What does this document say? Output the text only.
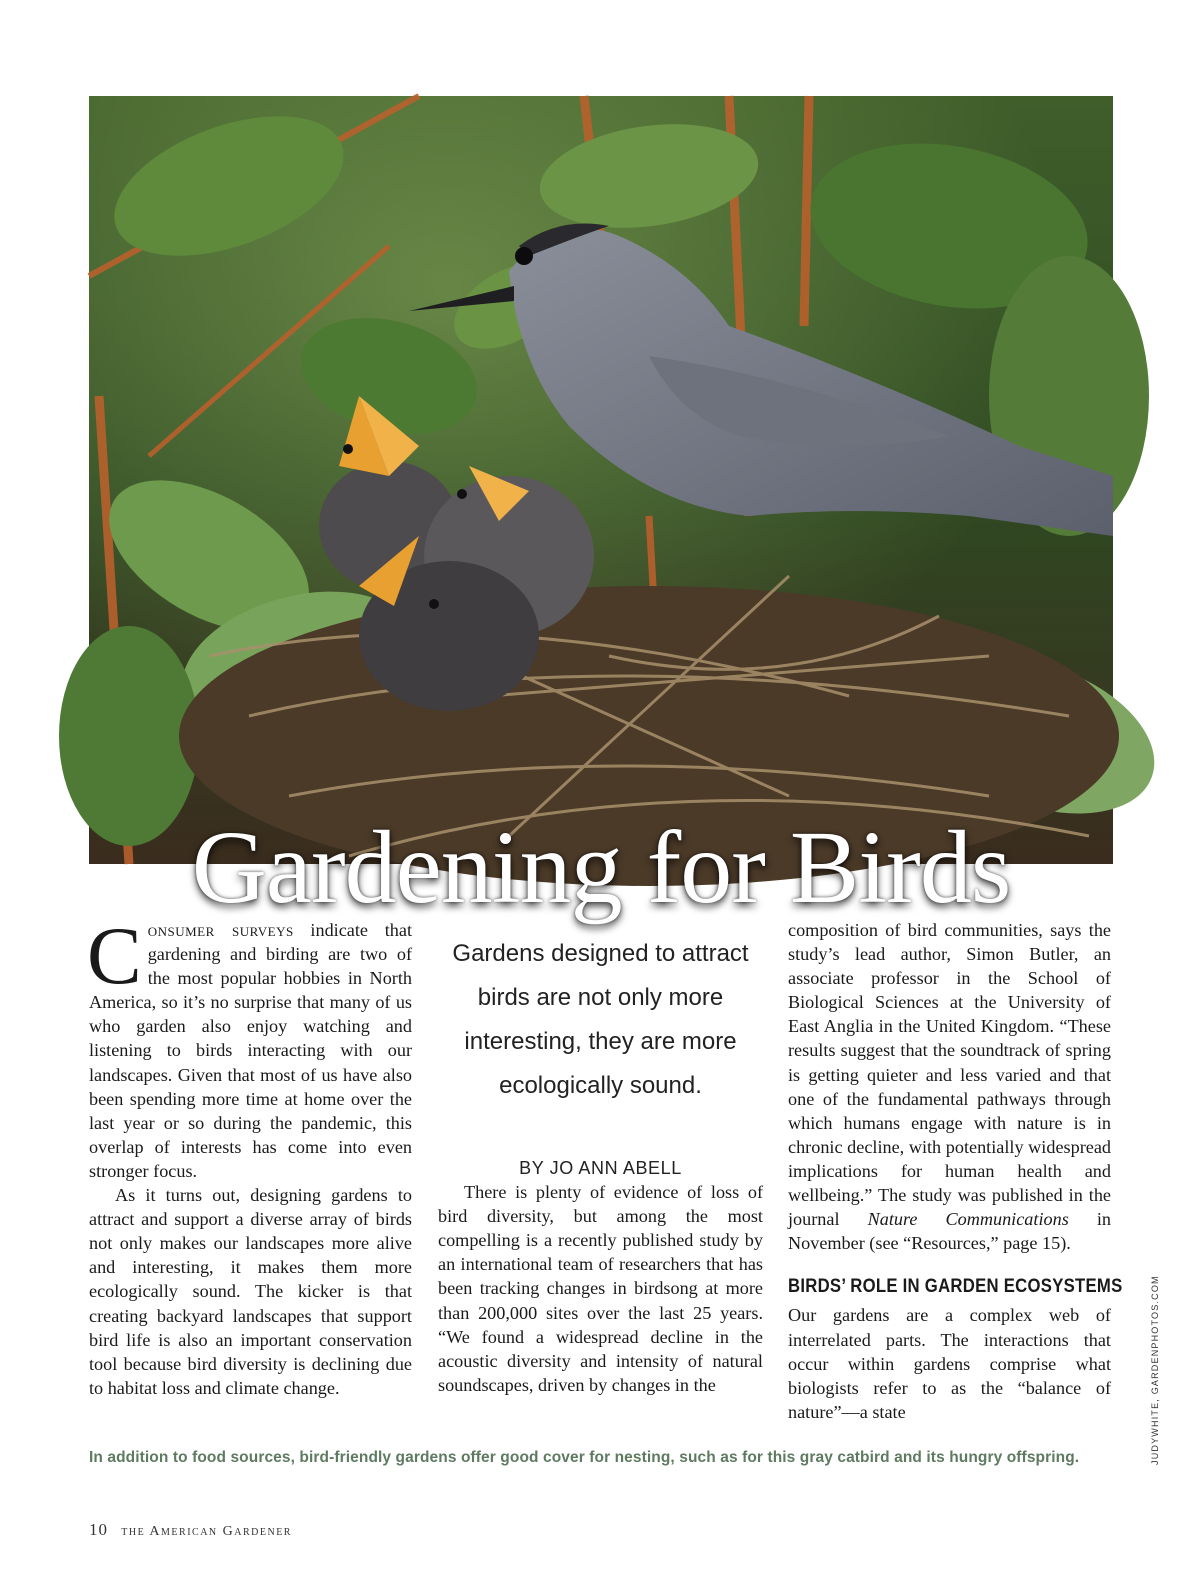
Gardening for Birds
JUDYWHITE, GARDENPHOTOS.COM

Consumer surveys indicate that gardening and birding are two of the most popular hobbies in North America, so it’s no surprise that many of us who garden also enjoy watching and listening to birds interacting with our landscapes. Given that most of us have also been spending more time at home over the last year or so during the pandemic, this overlap of interests has come into even stronger focus.

As it turns out, designing gardens to attract and support a diverse array of birds not only makes our landscapes more alive and interesting, it makes them more ecologically sound. The kicker is that creating backyard landscapes that support bird life is also an important conservation tool because bird diversity is declining due to habitat loss and climate change.

Gardens designed to attract birds are not only more interesting, they are more ecologically sound.
BY JO ANN ABELL

There is plenty of evidence of loss of bird diversity, but among the most compelling is a recently published study by an international team of researchers that has been tracking changes in birdsong at more than 200,000 sites over the last 25 years. “We found a widespread decline in the acoustic diversity and intensity of natural soundscapes, driven by changes in the

composition of bird communities, says the study’s lead author, Simon Butler, an associate professor in the School of Biological Sciences at the University of East Anglia in the United Kingdom. “These results suggest that the soundtrack of spring is getting quieter and less varied and that one of the fundamental pathways through which humans engage with nature is in chronic decline, with potentially widespread implications for human health and wellbeing.” The study was published in the journal Nature Communications in November (see “Resources,” page 15).

BIRDS’ ROLE IN GARDEN ECOSYSTEMS

Our gardens are a complex web of interrelated parts. The interactions that occur within gardens comprise what biologists refer to as the “balance of nature”—a state

In addition to food sources, bird-friendly gardens offer good cover for nesting, such as for this gray catbird and its hungry offspring.
10 the American Gardener
